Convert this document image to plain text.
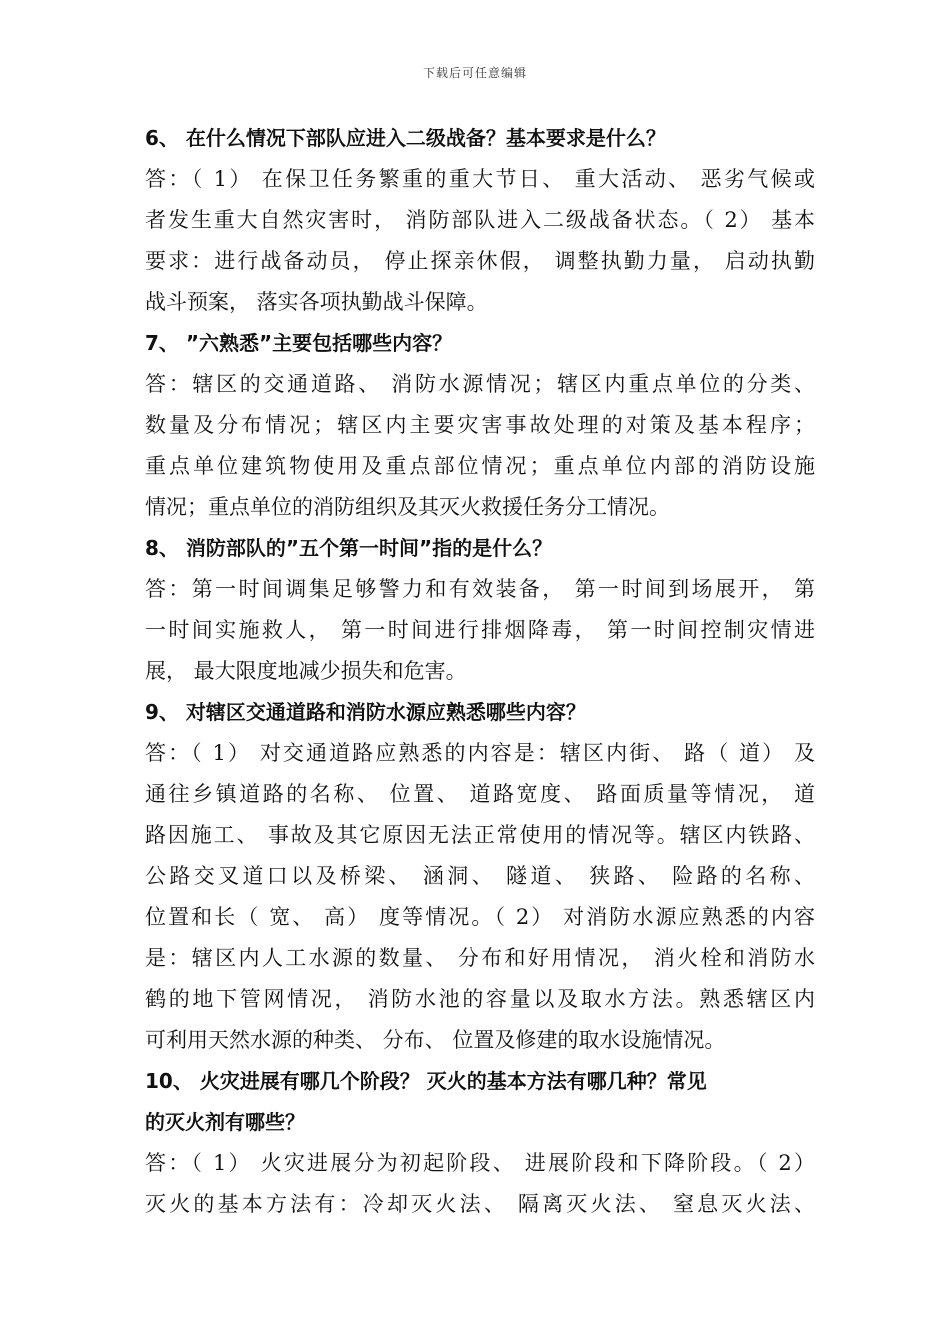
下载后可任意编辑

6、 在什么情况下部队应进入二级战备？基本要求是什么？

答：（ 1） 在保卫任务繁重的重大节日、 重大活动、 恶劣气候或

者发生重大自然灾害时， 消防部队进入二级战备状态。（ 2） 基本

要求：进行战备动员， 停止探亲休假， 调整执勤力量， 启动执勤

战斗预案， 落实各项执勤战斗保障。

7、 ”六熟悉”主要包括哪些内容？

答：辖区的交通道路、 消防水源情况；辖区内重点单位的分类、

数量及分布情况；辖区内主要灾害事故处理的对策及基本程序；

重点单位建筑物使用及重点部位情况；重点单位内部的消防设施

情况；重点单位的消防组织及其灭火救援任务分工情况。

8、 消防部队的”五个第一时间”指的是什么？

答：第一时间调集足够警力和有效装备， 第一时间到场展开， 第

一时间实施救人， 第一时间进行排烟降毒， 第一时间控制灾情进

展， 最大限度地减少损失和危害。

9、 对辖区交通道路和消防水源应熟悉哪些内容？

答：（ 1） 对交通道路应熟悉的内容是：辖区内街、 路（ 道） 及

通往乡镇道路的名称、 位置、 道路宽度、 路面质量等情况， 道

路因施工、 事故及其它原因无法正常使用的情况等。辖区内铁路、

公路交叉道口以及桥梁、 涵洞、 隧道、 狭路、 险路的名称、

位置和长（ 宽、 高） 度等情况。（ 2） 对消防水源应熟悉的内容

是：辖区内人工水源的数量、 分布和好用情况， 消火栓和消防水

鹤的地下管网情况， 消防水池的容量以及取水方法。熟悉辖区内

可利用天然水源的种类、 分布、 位置及修建的取水设施情况。

10、 火灾进展有哪几个阶段？ 灭火的基本方法有哪几种？常见

的灭火剂有哪些？

答：（ 1） 火灾进展分为初起阶段、 进展阶段和下降阶段。（ 2）

灭火的基本方法有：冷却灭火法、 隔离灭火法、 窒息灭火法、
